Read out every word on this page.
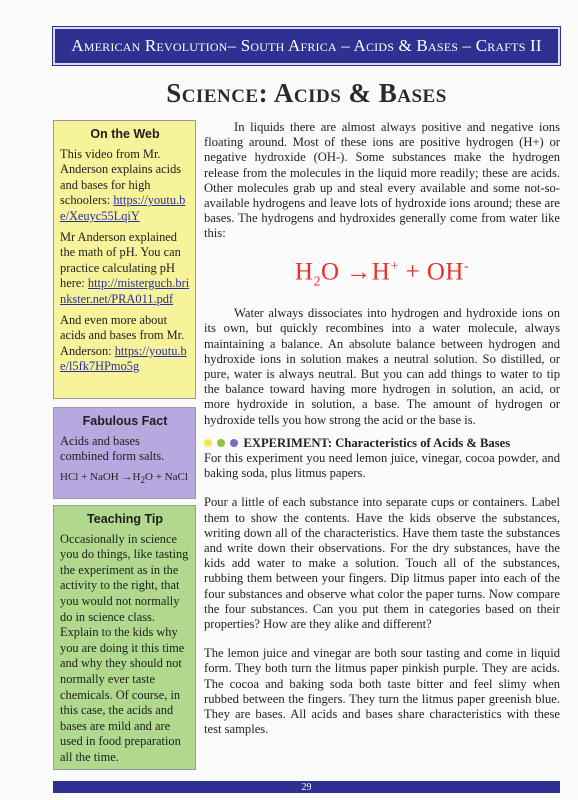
American Revolution– South Africa – Acids & Bases – Crafts II
Science: Acids & Bases
On the Web

This video from Mr. Anderson explains acids and bases for high schoolers: https://youtu.be/Xeuyc55LqiY

Mr Anderson explained the math of pH. You can practice calculating pH here: http://misterguch.brinkster.net/PRA011.pdf

And even more about acids and bases from Mr. Anderson: https://youtu.be/l5fk7HPmo5g

Fabulous Fact

Acids and bases combined form salts.

HCl + NaOH $\to H_2O$ + NaCl

Teaching Tip

Occasionally in science you do things, like tasting the experiment as in the activity to the right, that you would not normally do in science class. Explain to the kids why you are doing it this time and why they should not normally ever taste chemicals. Of course, in this case, the acids and bases are mild and are used in food preparation all the time.

In liquids there are almost always positive and negative ions floating around. Most of these ions are positive hydrogen (H+) or negative hydroxide (OH-). Some substances make the hydrogen release from the molecules in the liquid more readily; these are acids. Other molecules grab up and steal every available and some not-so-available hydrogens and leave lots of hydroxide ions around; these are bases. The hydrogens and hydroxides generally come from water like this:

$H_2O \to H^+ + OH^-$

Water always dissociates into hydrogen and hydroxide ions on its own, but quickly recombines into a water molecule, always maintaining a balance. An absolute balance between hydrogen and hydroxide ions in solution makes a neutral solution. So distilled, or pure, water is always neutral. But you can add things to water to tip the balance toward having more hydrogen in solution, an acid, or more hydroxide in solution, a base. The amount of hydrogen or hydroxide tells you how strong the acid or the base is.

EXPERIMENT: Characteristics of Acids & Bases

For this experiment you need lemon juice, vinegar, cocoa powder, and baking soda, plus litmus papers.

Pour a little of each substance into separate cups or containers. Label them to show the contents. Have the kids observe the substances, writing down all of the characteristics. Have them taste the substances and write down their observations. For the dry substances, have the kids add water to make a solution. Touch all of the substances, rubbing them between your fingers. Dip litmus paper into each of the four substances and observe what color the paper turns. Now compare the four substances. Can you put them in categories based on their properties? How are they alike and different?

The lemon juice and vinegar are both sour tasting and come in liquid form. They both turn the litmus paper pinkish purple. They are acids. The cocoa and baking soda both taste bitter and feel slimy when rubbed between the fingers. They turn the litmus paper greenish blue. They are bases. All acids and bases share characteristics with these test samples.

29
